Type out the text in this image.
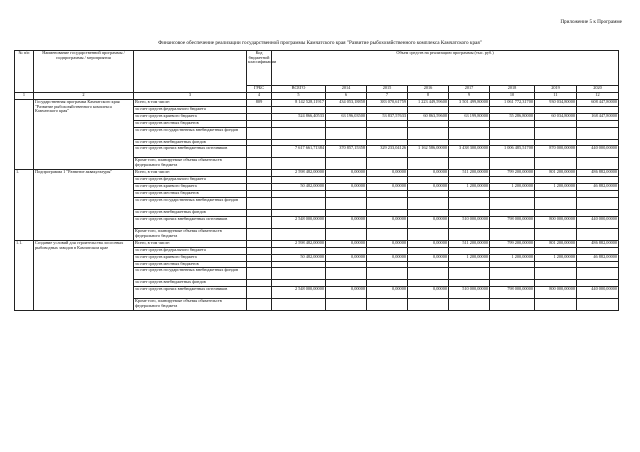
Приложение 5 к Программе
Финансовое обеспечение реализации государственной программы Камчатского края "Развитие рыбохозяйственного комплекса Камчатского края"
№ п/п	Наименование государственной программы / подпрограммы / мероприятия		Код бюджетной классификации	Объем средств на реализацию программы (тыс. руб.)							
			ГРБС	ВСЕГО	2014	2015	2016	2017	2018	2019	2020
1	2	3	4	5	6	7	8	9	10	11	12
	Государственная программа Камчатского края "Развитие рыбохозяйственного комплекса Камчатского края"	Всего, в том числе:	809	8 142 528,11917	434 053,18858	383 070,61759	1 223 449,59600	3 501 499,80000	1 061 772,31700	930 034,80000	608 447,80000
		за счет средств федерального бюджета									
		за счет средств краевого бюджета		524 866,40533	63 196,03500	53 837,57633	60 863,59600	63 199,80000	55 286,80000	60 034,80000	168 447,80000
		за счет средств местных бюджетов									
		за счет средств государственных внебюджетных фондов									
		за счет средств внебюджетных фондов									
		за счет средств прочих внебюджетных источников		7 617 661,71384	370 857,15358	329 233,04126	1 162 586,00000	3 438 300,00000	1 006 485,51700	870 000,00000	440 000,00000
		Кроме того, планируемые объемы обязательств федерального бюджета									
1.	Подпрограмма 1 "Развитие аквакультуры"	Всего, в том числе:		2 598 482,00000	0,00000	0,00000	0,00000	511 200,00000	799 200,00000	801 200,00000	486 882,00000
		за счет средств федерального бюджета									
		за счет средств краевого бюджета		50 482,00000	0,00000	0,00000	0,00000	1 200,00000	1 200,00000	1 200,00000	46 882,00000
		за счет средств местных бюджетов									
		за счет средств государственных внебюджетных фондов									
		за счет средств внебюджетных фондов									
		за счет средств прочих внебюджетных источников		2 548 000,00000	0,00000	0,00000	0,00000	510 000,00000	798 000,00000	800 000,00000	440 000,00000
		Кроме того, планируемые объемы обязательств федерального бюджета									
1.1.	Создание условий для строительства лососевых рыбоводных заводов в Камчатском крае	Всего, в том числе:		2 598 482,00000	0,00000	0,00000	0,00000	511 200,00000	799 200,00000	801 200,00000	486 882,00000
		за счет средств федерального бюджета									
		за счет средств краевого бюджета		50 482,00000	0,00000	0,00000	0,00000	1 200,00000	1 200,00000	1 200,00000	46 882,00000
		за счет средств местных бюджетов									
		за счет средств государственных внебюджетных фондов									
		за счет средств внебюджетных фондов									
		за счет средств прочих внебюджетных источников		2 548 000,00000	0,00000	0,00000	0,00000	510 000,00000	798 000,00000	800 000,00000	440 000,00000
		Кроме того, планируемые объемы обязательств федерального бюджета									
